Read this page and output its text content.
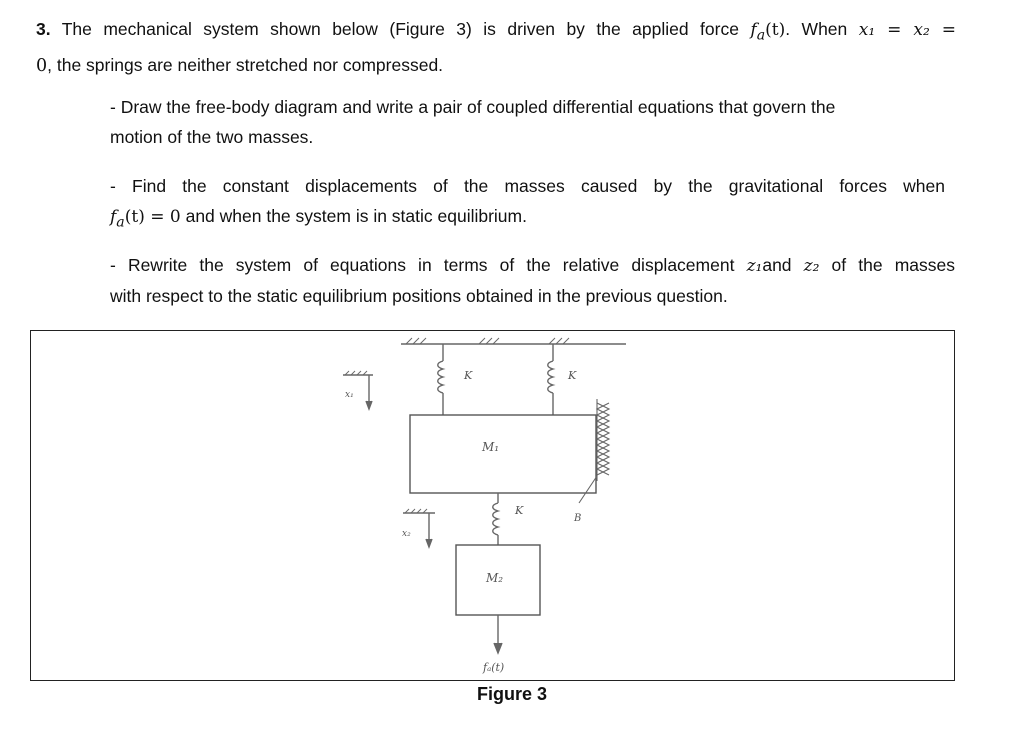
3. The mechanical system shown below (Figure 3) is driven by the applied force $f_a(t)$. When x₁ = x₂ =
0, the springs are neither stretched nor compressed.
- Draw the free-body diagram and write a pair of coupled differential equations that govern the
motion of the two masses.
- Find the constant displacements of the masses caused by the gravitational forces when
$f_a(t) = 0$ and when the system is in static equilibrium.
- Rewrite the system of equations in terms of the relative displacement z₁and z₂ of the masses
with respect to the static equilibrium positions obtained in the previous question.
K	K
K
B
M₁
M₂
x₁
x₂
fₐ(t)
Figure 3
